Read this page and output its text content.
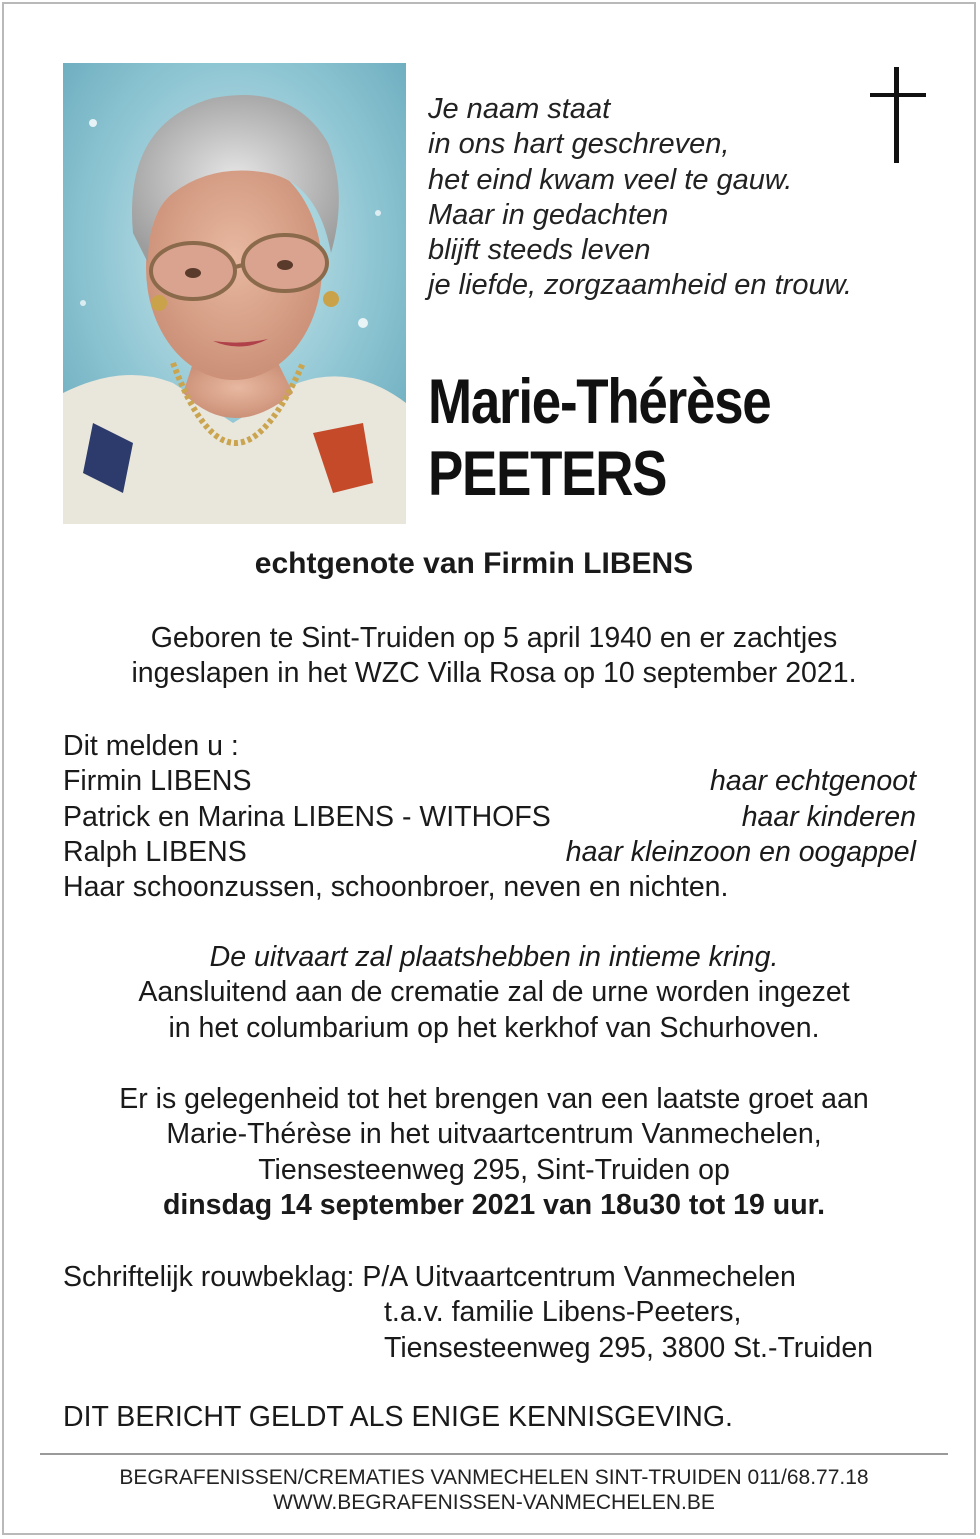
Je naam staat
in ons hart geschreven,
het eind kwam veel te gauw.
Maar in gedachten
blijft steeds leven
je liefde, zorgzaamheid en trouw.
Marie-Thérèse
PEETERS
echtgenote van Firmin LIBENS
Geboren te Sint-Truiden op 5 april 1940 en er zachtjes
ingeslapen in het WZC Villa Rosa op 10 september 2021.
Dit melden u :
Firmin LIBENS	haar echtgenoot
Patrick en Marina LIBENS - WITHOFS	haar kinderen
Ralph LIBENS	haar kleinzoon en oogappel
Haar schoonzussen, schoonbroer, neven en nichten.
De uitvaart zal plaatshebben in intieme kring.
Aansluitend aan de crematie zal de urne worden ingezet
in het columbarium op het kerkhof van Schurhoven.
Er is gelegenheid tot het brengen van een laatste groet aan
Marie-Thérèse in het uitvaartcentrum Vanmechelen,
Tiensesteenweg 295, Sint-Truiden op
dinsdag 14 september 2021 van 18u30 tot 19 uur.
Schriftelijk rouwbeklag: P/A Uitvaartcentrum Vanmechelen
t.a.v. familie Libens-Peeters,
Tiensesteenweg 295, 3800 St.-Truiden
DIT BERICHT GELDT ALS ENIGE KENNISGEVING.
BEGRAFENISSEN/CREMATIES VANMECHELEN SINT-TRUIDEN 011/68.77.18
WWW.BEGRAFENISSEN-VANMECHELEN.BE
